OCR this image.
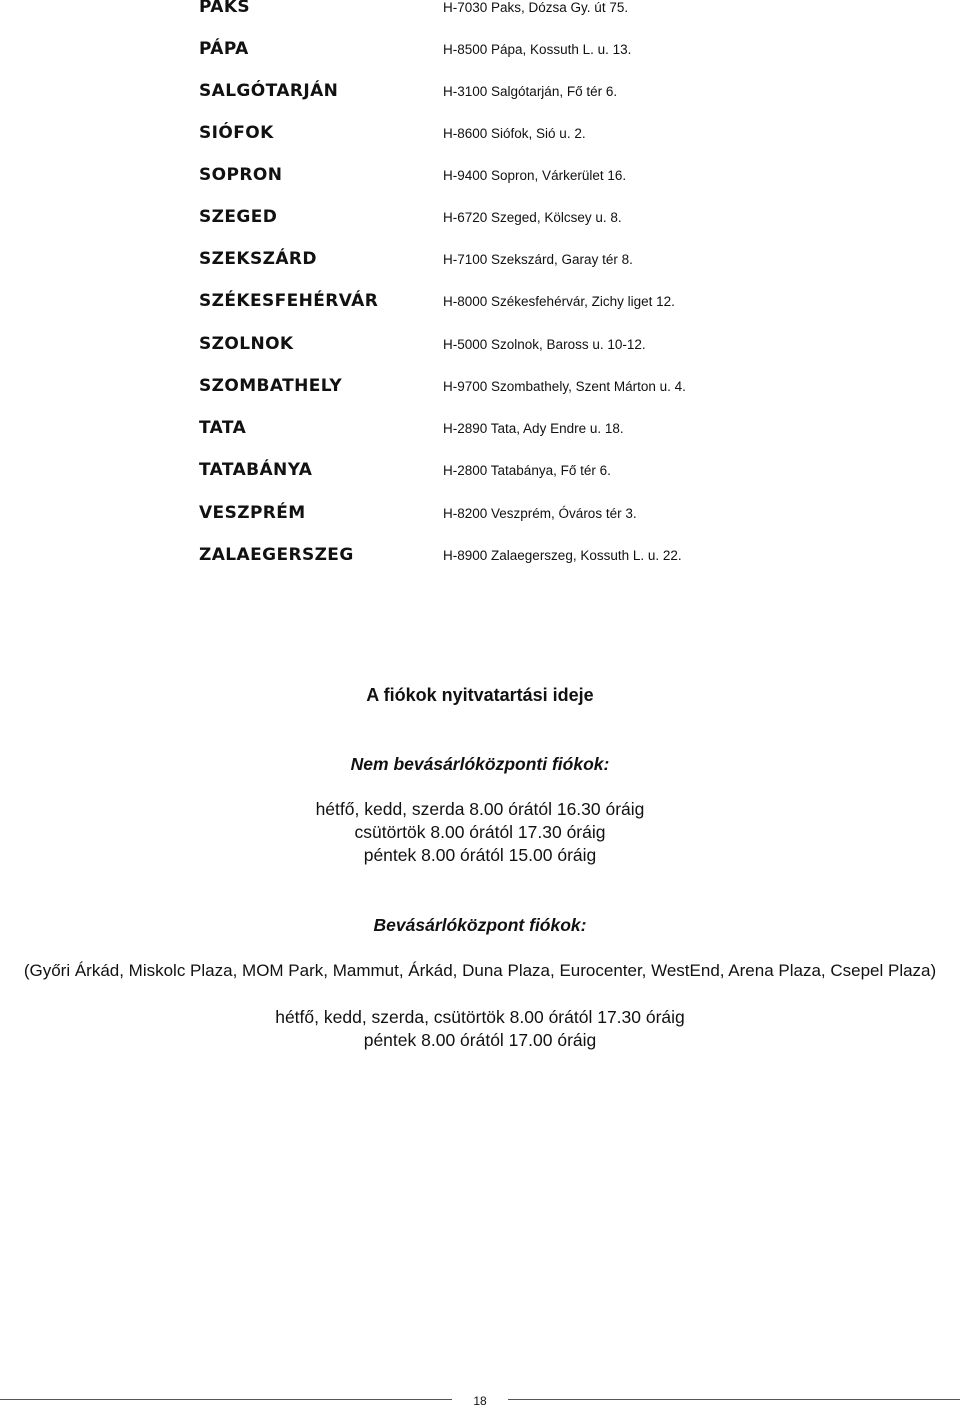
PAKS	H-7030 Paks, Dózsa Gy. út 75.
PÁPA	H-8500 Pápa, Kossuth L. u. 13.
SALGÓTARJÁN	H-3100 Salgótarján, Fő tér 6.
SIÓFOK	H-8600 Siófok, Sió u. 2.
SOPRON	H-9400 Sopron, Várkerület 16.
SZEGED	H-6720 Szeged, Kölcsey u. 8.
SZEKSZÁRD	H-7100 Szekszárd, Garay tér 8.
SZÉKESFEHÉRVÁR	H-8000 Székesfehérvár, Zichy liget 12.
SZOLNOK	H-5000 Szolnok, Baross u. 10-12.
SZOMBATHELY	H-9700 Szombathely, Szent Márton u. 4.
TATA	H-2890 Tata, Ady Endre u. 18.
TATABÁNYA	H-2800 Tatabánya, Fő tér 6.
VESZPRÉM	H-8200 Veszprém, Óváros tér 3.
ZALAEGERSZEG	H-8900 Zalaegerszeg, Kossuth L. u. 22.
A fiókok nyitvatartási ideje
Nem bevásárlóközponti fiókok:
hétfő, kedd, szerda 8.00 órától 16.30 óráig
csütörtök 8.00 órától 17.30 óráig
péntek 8.00 órától 15.00 óráig
Bevásárlóközpont fiókok:
(Győri Árkád, Miskolc Plaza, MOM Park, Mammut, Árkád, Duna Plaza, Eurocenter, WestEnd, Arena Plaza, Csepel Plaza)
hétfő, kedd, szerda, csütörtök 8.00 órától 17.30 óráig
péntek 8.00 órától 17.00 óráig
18
